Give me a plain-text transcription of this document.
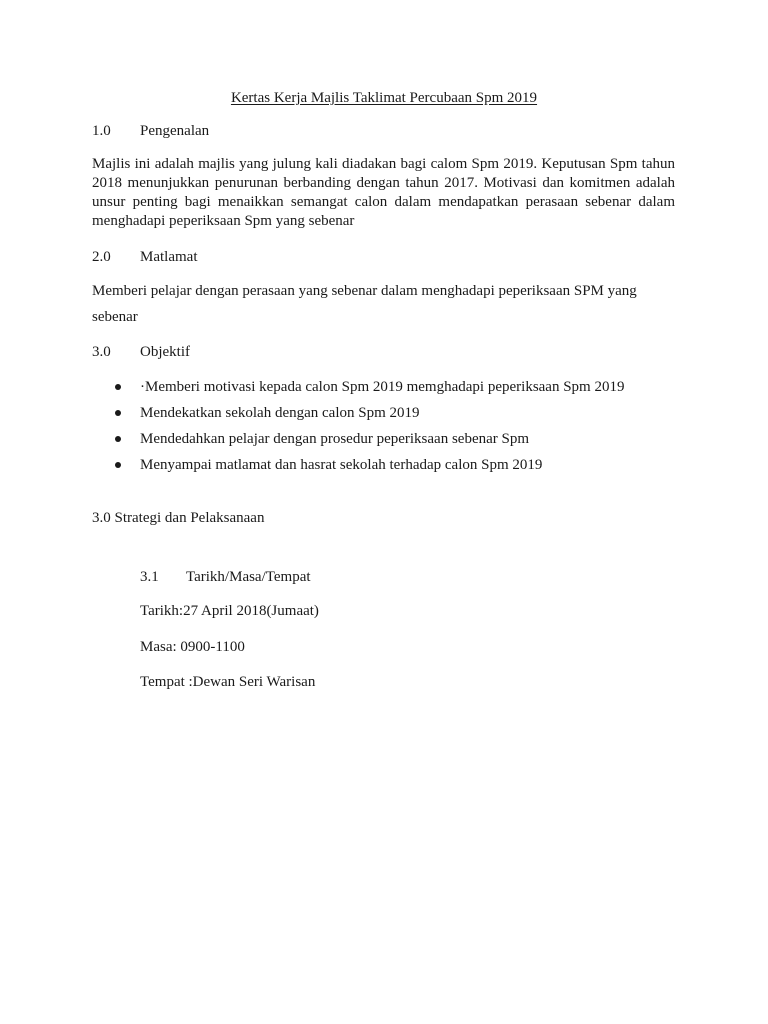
Kertas Kerja Majlis Taklimat Percubaan Spm 2019
1.0 Pengenalan
Majlis ini adalah majlis yang julung kali diadakan bagi calom Spm 2019. Keputusan Spm tahun
2018 menunjukkan penurunan berbanding dengan tahun 2017. Motivasi dan komitmen adalah
unsur penting bagi menaikkan semangat calon dalam mendapatkan perasaan sebenar dalam
menghadapi peperiksaan Spm yang sebenar
2.0 Matlamat
Memberi pelajar dengan perasaan yang sebenar dalam menghadapi peperiksaan SPM yang
sebenar
3.0 Objektif
·Memberi motivasi kepada calon Spm 2019 memghadapi peperiksaan Spm 2019
Mendekatkan sekolah dengan calon Spm 2019
Mendedahkan pelajar dengan prosedur peperiksaan sebenar Spm
Menyampai matlamat dan hasrat sekolah terhadap calon Spm 2019
3.0 Strategi dan Pelaksanaan
3.1 Tarikh/Masa/Tempat
Tarikh:27 April 2018(Jumaat)
Masa: 0900-1100
Tempat :Dewan Seri Warisan
